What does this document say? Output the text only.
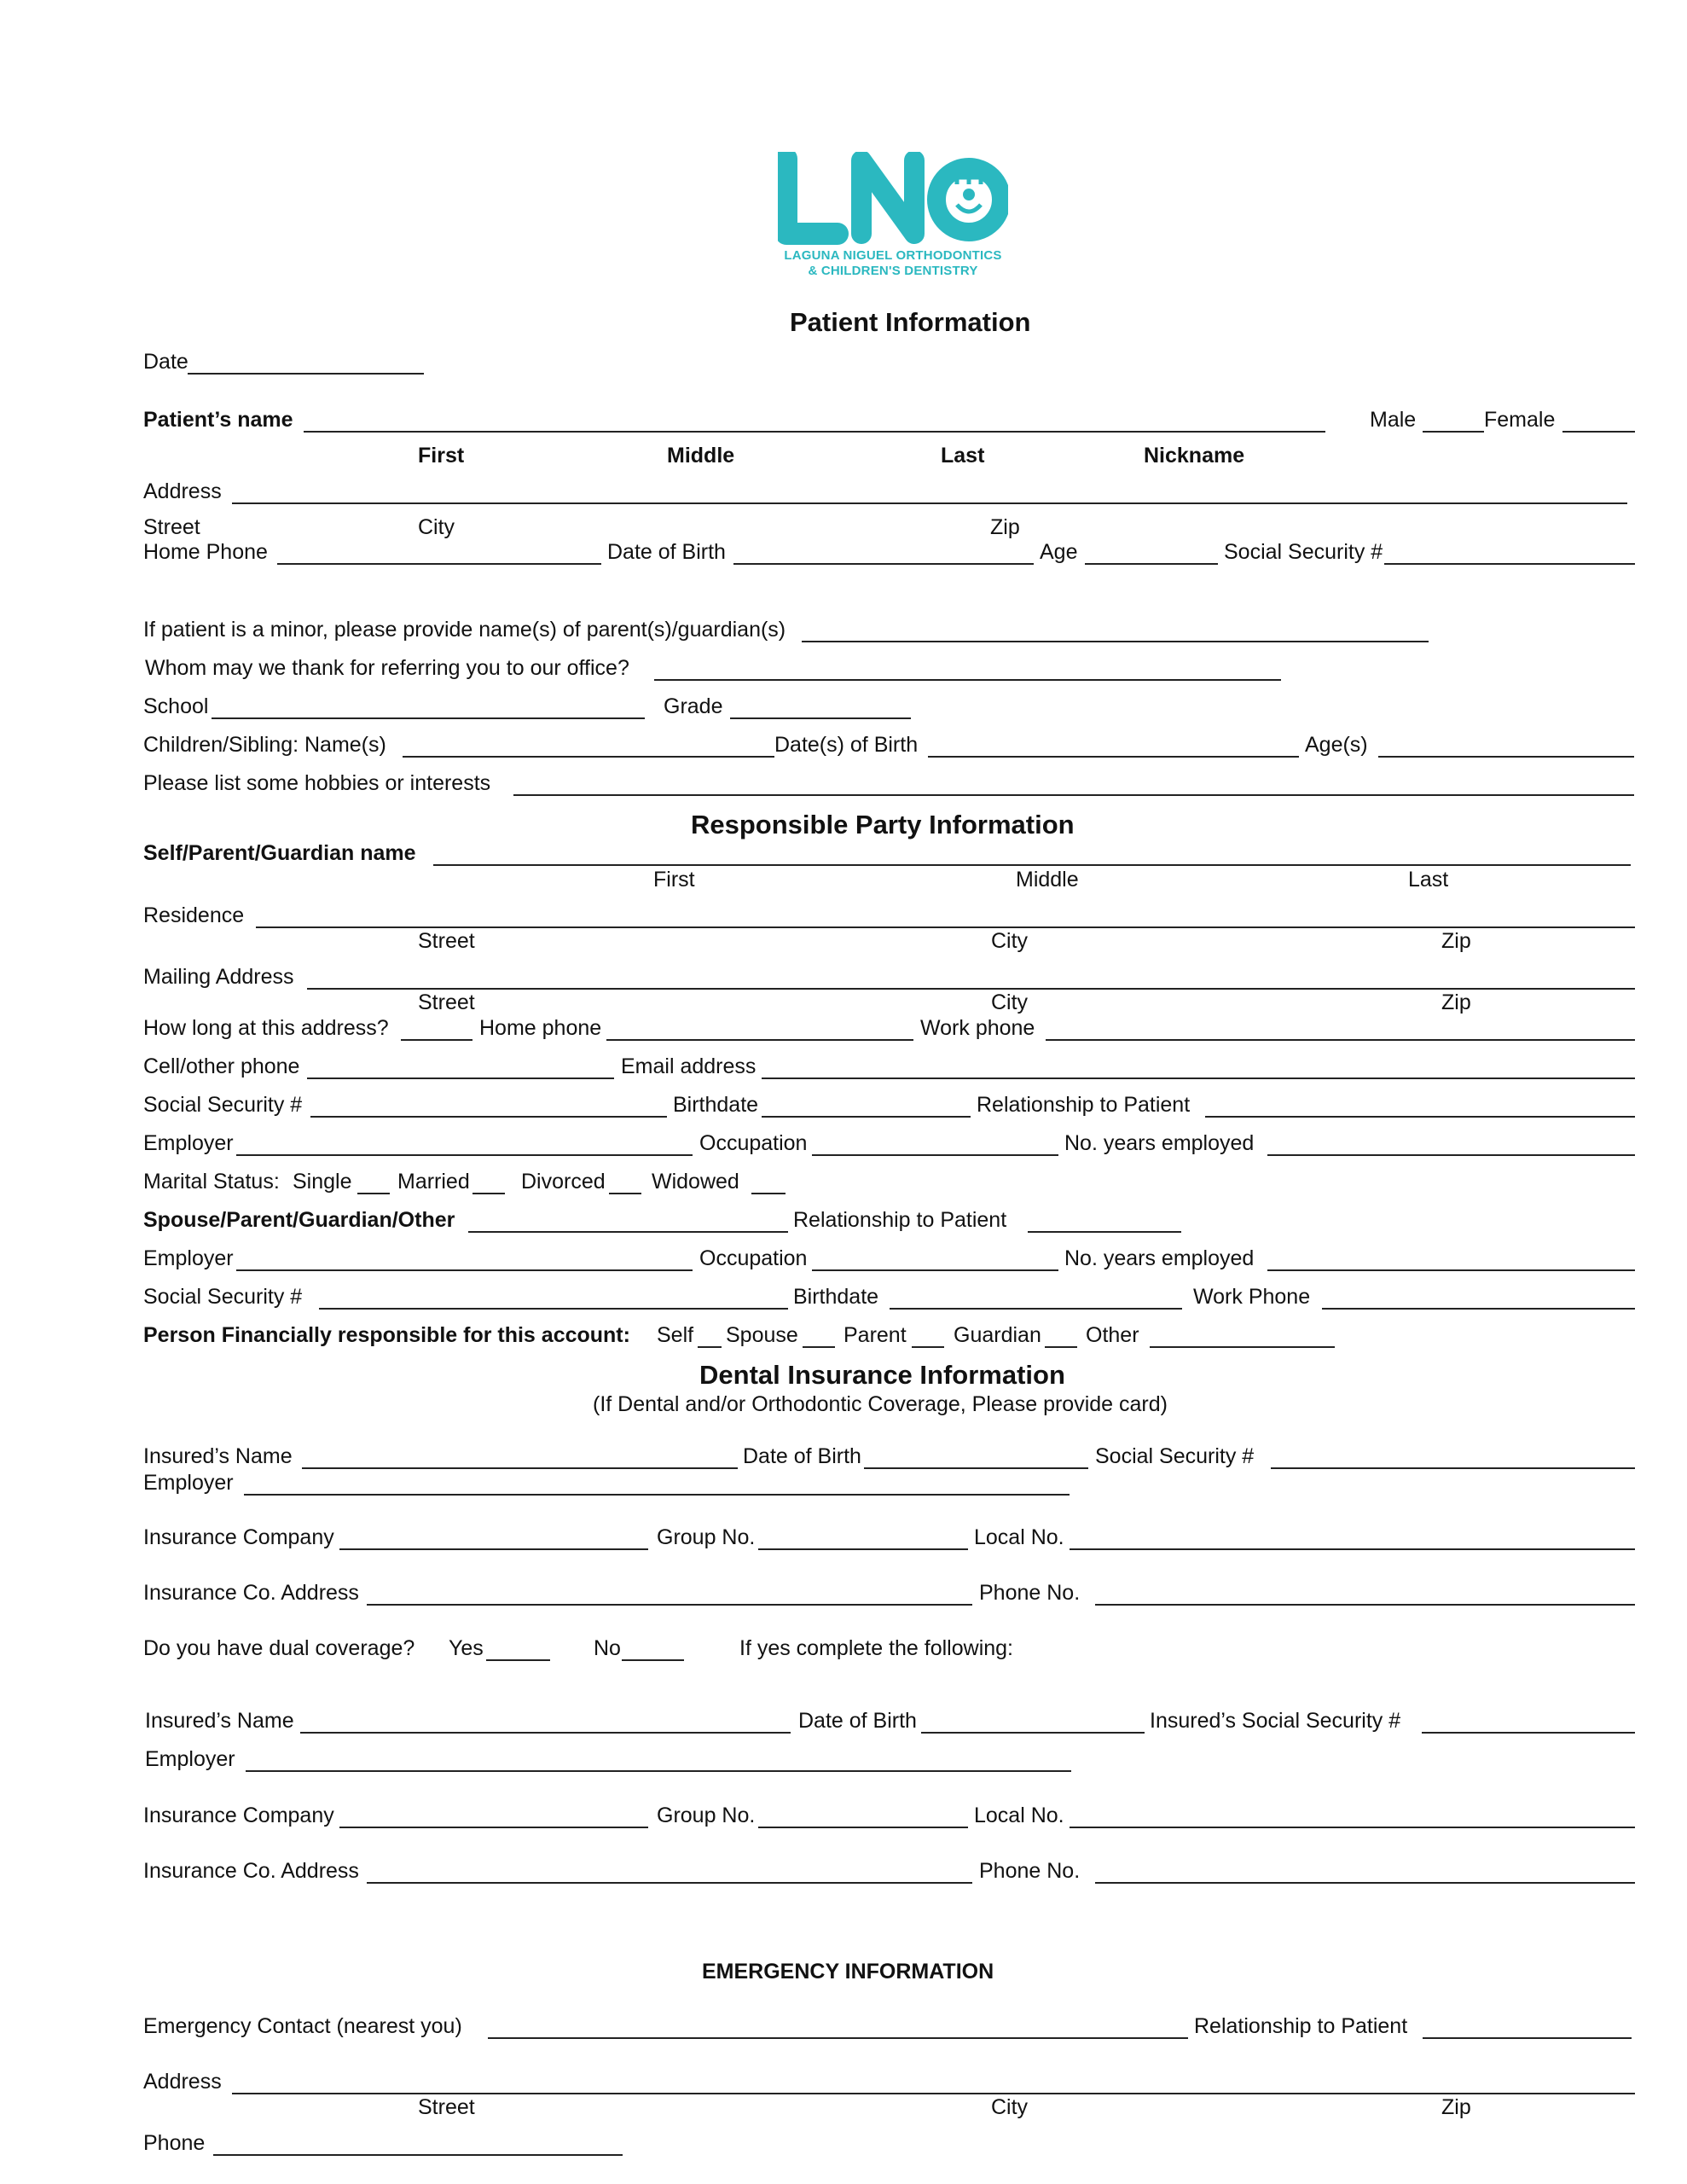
LAGUNA NIGUEL ORTHODONTICS
& CHILDREN'S DENTISTRY
Patient Information
Date
Patient’s name	Male	Female
First	Middle	Last	Nickname
Address
Street	City	Zip
Home Phone	Date of Birth	Age	Social Security #
If patient is a minor, please provide name(s) of parent(s)/guardian(s)
Whom may we thank for referring you to our office?
School	Grade
Children/Sibling: Name(s)	Date(s) of Birth	Age(s)
Please list some hobbies or interests
Responsible Party Information
Self/Parent/Guardian name
First	Middle	Last
Residence
Street	City	Zip
Mailing Address
Street	City	Zip
How long at this address?	Home phone	Work phone
Cell/other phone	Email address
Social Security #	Birthdate	Relationship to Patient
Employer	Occupation	No. years employed
Marital Status: Single Married Divorced Widowed
Spouse/Parent/Guardian/Other	Relationship to Patient
Employer	Occupation	No. years employed
Social Security #	Birthdate	Work Phone
Person Financially responsible for this account: Self Spouse Parent Guardian Other
Dental Insurance Information
(If Dental and/or Orthodontic Coverage, Please provide card)
Insured’s Name	Date of Birth	Social Security #
Employer
Insurance Company	Group No.	Local No.
Insurance Co. Address	Phone No.
Do you have dual coverage? Yes	No	If yes complete the following:
Insured’s Name	Date of Birth	Insured’s Social Security #
Employer
Insurance Company	Group No.	Local No.
Insurance Co. Address	Phone No.
EMERGENCY INFORMATION
Emergency Contact (nearest you)	Relationship to Patient
Address
Street	City	Zip
Phone
